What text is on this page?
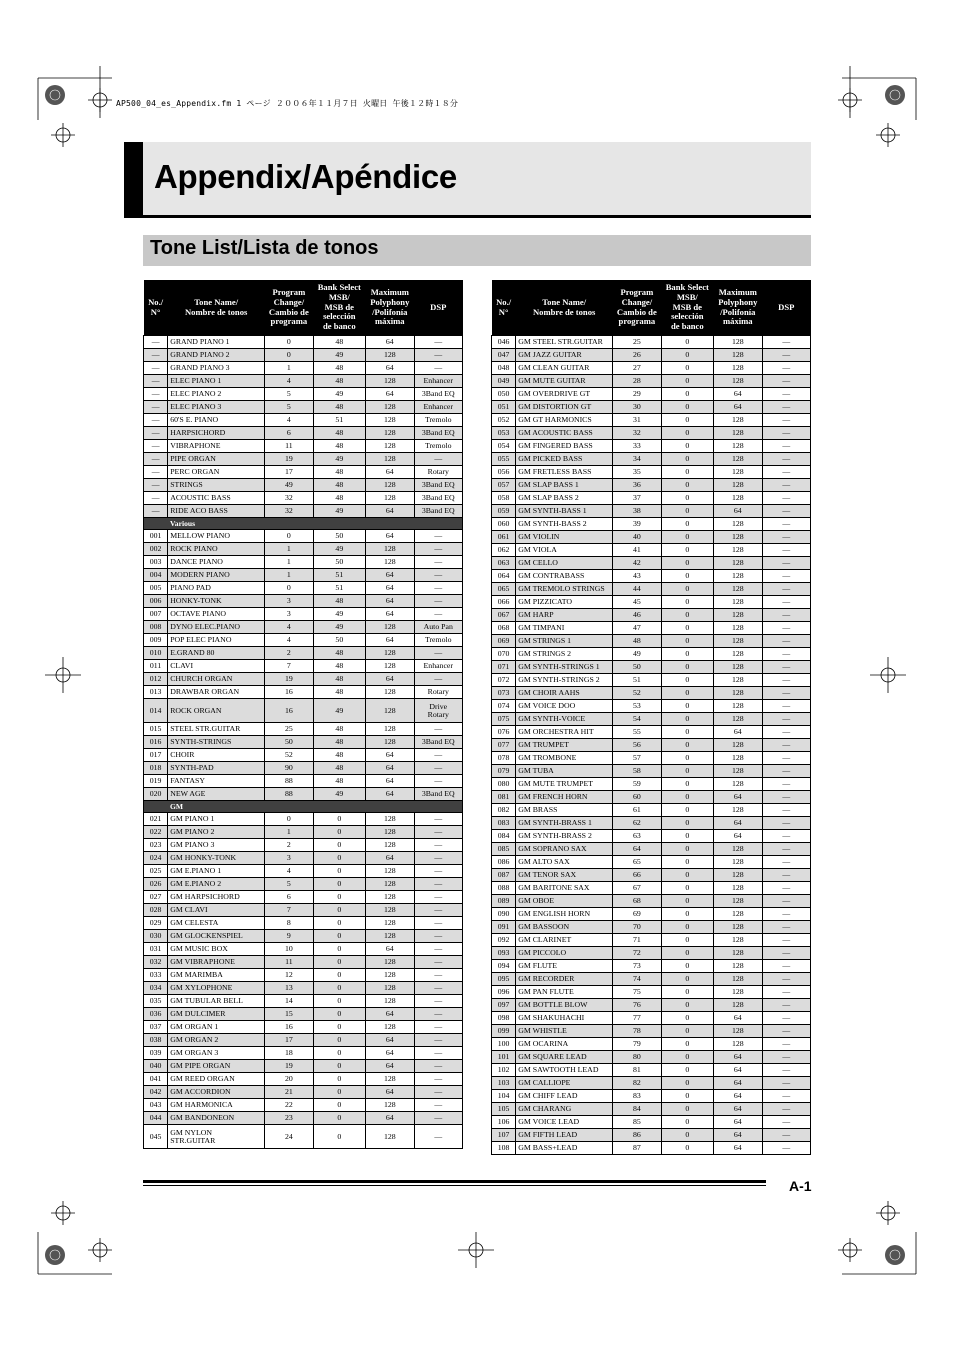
AP500_04_es_Appendix.fm 1 ページ ２００６年１１月７日 火曜日 午後１２時１８分
Appendix/Apéndice
Tone List/Lista de tonos
No./
N°	Tone Name/
Nombre de tonos	Program
Change/
Cambio de
programa	Bank Select
MSB/
MSB de
selección
de banco	Maximum
Polyphony
/Polifonía
máxima	DSP
—	GRAND PIANO 1	0	48	64	—
—	GRAND PIANO 2	0	49	128	—
—	GRAND PIANO 3	1	48	64	—
—	ELEC PIANO 1	4	48	128	Enhancer
—	ELEC PIANO 2	5	49	64	3Band EQ
—	ELEC PIANO 3	5	48	128	Enhancer
—	60'S E. PIANO	4	51	128	Tremolo
—	HARPSICHORD	6	48	128	3Band EQ
—	VIBRAPHONE	11	48	128	Tremolo
—	PIPE ORGAN	19	49	128	—
—	PERC ORGAN	17	48	64	Rotary
—	STRINGS	49	48	128	3Band EQ
—	ACOUSTIC BASS	32	48	128	3Band EQ
—	RIDE ACO BASS	32	49	64	3Band EQ
Various					
001	MELLOW PIANO	0	50	64	—
002	ROCK PIANO	1	49	128	—
003	DANCE PIANO	1	50	128	—
004	MODERN PIANO	1	51	64	—
005	PIANO PAD	0	51	64	—
006	HONKY-TONK	3	48	64	—
007	OCTAVE PIANO	3	49	64	—
008	DYNO ELEC.PIANO	4	49	128	Auto Pan
009	POP ELEC PIANO	4	50	64	Tremolo
010	E.GRAND 80	2	48	128	—
011	CLAVI	7	48	128	Enhancer
012	CHURCH ORGAN	19	48	64	—
013	DRAWBAR ORGAN	16	48	128	Rotary
014	ROCK ORGAN	16	49	128	Drive
Rotary
015	STEEL STR.GUITAR	25	48	128	—
016	SYNTH-STRINGS	50	48	128	3Band EQ
017	CHOIR	52	48	64	—
018	SYNTH-PAD	90	48	64	—
019	FANTASY	88	48	64	—
020	NEW AGE	88	49	64	3Band EQ
GM					
021	GM PIANO 1	0	0	128	—
022	GM PIANO 2	1	0	128	—
023	GM PIANO 3	2	0	128	—
024	GM HONKY-TONK	3	0	64	—
025	GM E.PIANO 1	4	0	128	—
026	GM E.PIANO 2	5	0	128	—
027	GM HARPSICHORD	6	0	128	—
028	GM CLAVI	7	0	128	—
029	GM CELESTA	8	0	128	—
030	GM GLOCKENSPIEL	9	0	128	—
031	GM MUSIC BOX	10	0	64	—
032	GM VIBRAPHONE	11	0	128	—
033	GM MARIMBA	12	0	128	—
034	GM XYLOPHONE	13	0	128	—
035	GM TUBULAR BELL	14	0	128	—
036	GM DULCIMER	15	0	64	—
037	GM ORGAN 1	16	0	128	—
038	GM ORGAN 2	17	0	64	—
039	GM ORGAN 3	18	0	64	—
040	GM PIPE ORGAN	19	0	64	—
041	GM REED ORGAN	20	0	128	—
042	GM ACCORDION	21	0	64	—
043	GM HARMONICA	22	0	128	—
044	GM BANDONEON	23	0	64	—
045	GM NYLON
STR.GUITAR	24	0	128	—
No./
N°	Tone Name/
Nombre de tonos	Program
Change/
Cambio de
programa	Bank Select
MSB/
MSB de
selección
de banco	Maximum
Polyphony
/Polifonía
máxima	DSP
046	GM STEEL STR.GUITAR	25	0	128	—
047	GM JAZZ GUITAR	26	0	128	—
048	GM CLEAN GUITAR	27	0	128	—
049	GM MUTE GUITAR	28	0	128	—
050	GM OVERDRIVE GT	29	0	64	—
051	GM DISTORTION GT	30	0	64	—
052	GM GT HARMONICS	31	0	128	—
053	GM ACOUSTIC BASS	32	0	128	—
054	GM FINGERED BASS	33	0	128	—
055	GM PICKED BASS	34	0	128	—
056	GM FRETLESS BASS	35	0	128	—
057	GM SLAP BASS 1	36	0	128	—
058	GM SLAP BASS 2	37	0	128	—
059	GM SYNTH-BASS 1	38	0	64	—
060	GM SYNTH-BASS 2	39	0	128	—
061	GM VIOLIN	40	0	128	—
062	GM VIOLA	41	0	128	—
063	GM CELLO	42	0	128	—
064	GM CONTRABASS	43	0	128	—
065	GM TREMOLO STRINGS	44	0	128	—
066	GM PIZZICATO	45	0	128	—
067	GM HARP	46	0	128	—
068	GM TIMPANI	47	0	128	—
069	GM STRINGS 1	48	0	128	—
070	GM STRINGS 2	49	0	128	—
071	GM SYNTH-STRINGS 1	50	0	128	—
072	GM SYNTH-STRINGS 2	51	0	128	—
073	GM CHOIR AAHS	52	0	128	—
074	GM VOICE DOO	53	0	128	—
075	GM SYNTH-VOICE	54	0	128	—
076	GM ORCHESTRA HIT	55	0	64	—
077	GM TRUMPET	56	0	128	—
078	GM TROMBONE	57	0	128	—
079	GM TUBA	58	0	128	—
080	GM MUTE TRUMPET	59	0	128	—
081	GM FRENCH HORN	60	0	64	—
082	GM BRASS	61	0	128	—
083	GM SYNTH-BRASS 1	62	0	64	—
084	GM SYNTH-BRASS 2	63	0	64	—
085	GM SOPRANO SAX	64	0	128	—
086	GM ALTO SAX	65	0	128	—
087	GM TENOR SAX	66	0	128	—
088	GM BARITONE SAX	67	0	128	—
089	GM OBOE	68	0	128	—
090	GM ENGLISH HORN	69	0	128	—
091	GM BASSOON	70	0	128	—
092	GM CLARINET	71	0	128	—
093	GM PICCOLO	72	0	128	—
094	GM FLUTE	73	0	128	—
095	GM RECORDER	74	0	128	—
096	GM PAN FLUTE	75	0	128	—
097	GM BOTTLE BLOW	76	0	128	—
098	GM SHAKUHACHI	77	0	64	—
099	GM WHISTLE	78	0	128	—
100	GM OCARINA	79	0	128	—
101	GM SQUARE LEAD	80	0	64	—
102	GM SAWTOOTH LEAD	81	0	64	—
103	GM CALLIOPE	82	0	64	—
104	GM CHIFF LEAD	83	0	64	—
105	GM CHARANG	84	0	64	—
106	GM VOICE LEAD	85	0	64	—
107	GM FIFTH LEAD	86	0	64	—
108	GM BASS+LEAD	87	0	64	—
A-1
